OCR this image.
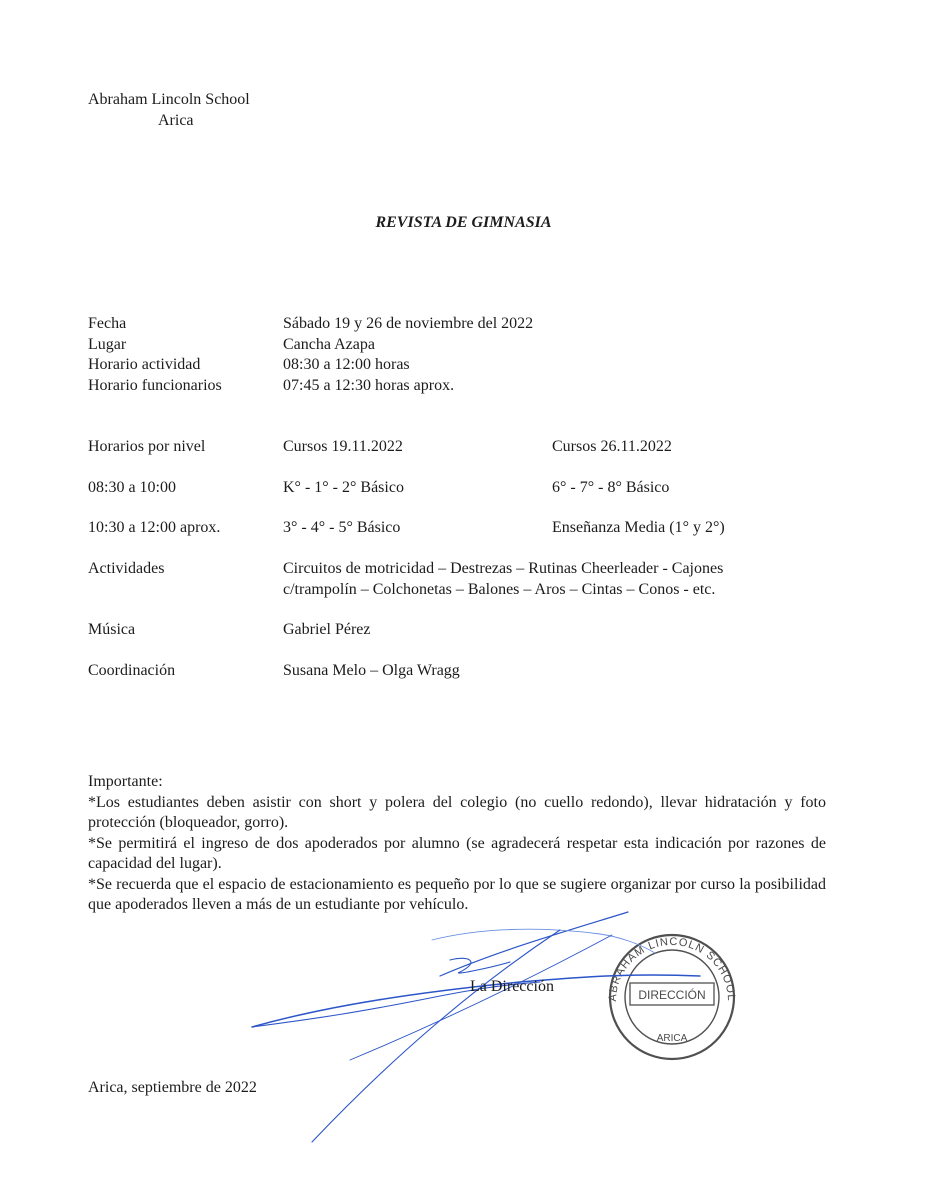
Abraham Lincoln School
Arica
REVISTA DE GIMNASIA
Fecha	Sábado 19 y 26 de noviembre del 2022
Lugar	Cancha Azapa
Horario actividad	08:30 a 12:00 horas
Horario funcionarios	07:45 a 12:30 horas aprox.
Horarios por nivel	Cursos 19.11.2022	Cursos 26.11.2022
08:30 a 10:00	K° - 1° - 2° Básico	6° - 7° - 8° Básico
10:30 a 12:00 aprox.	3° - 4° - 5° Básico	Enseñanza Media (1° y 2°)
Actividades	Circuitos de motricidad – Destrezas – Rutinas Cheerleader - Cajones
c/trampolín – Colchonetas – Balones – Aros – Cintas – Conos - etc.
Música	Gabriel Pérez
Coordinación	Susana Melo – Olga Wragg
Importante:
*Los estudiantes deben asistir con short y polera del colegio (no cuello redondo), llevar hidratación y foto protección (bloqueador, gorro).
*Se permitirá el ingreso de dos apoderados por alumno (se agradecerá respetar esta indicación por razones de capacidad del lugar).
*Se recuerda que el espacio de estacionamiento es pequeño por lo que se sugiere organizar por curso la posibilidad que apoderados lleven a más de un estudiante por vehículo.
ABRAHAM LINCOLN SCHOOL
DIRECCIÓN
ARICA
La Dirección
Arica, septiembre de 2022
